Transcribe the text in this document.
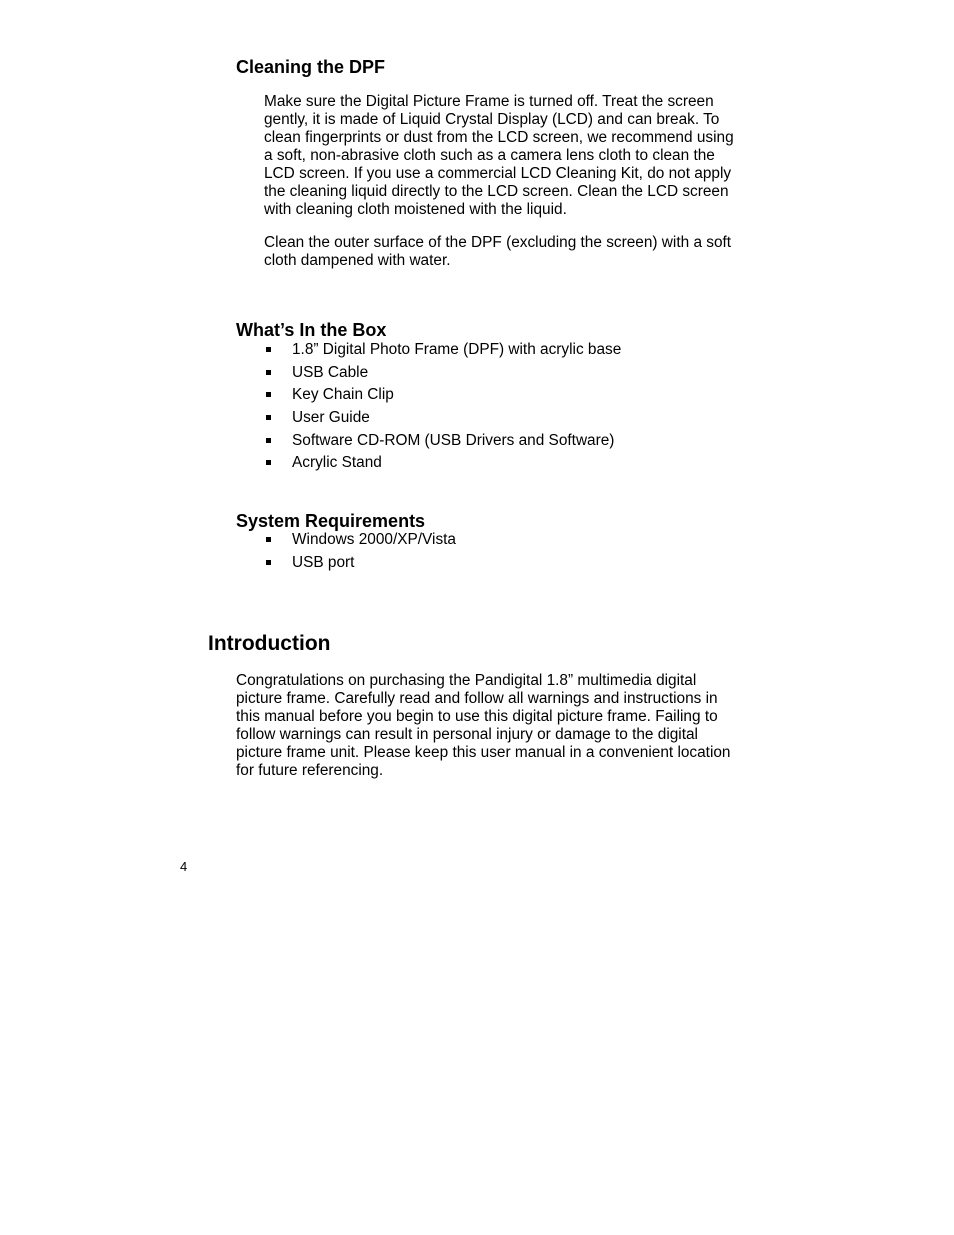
Cleaning the DPF

Make sure the Digital Picture Frame is turned off. Treat the screen
gently, it is made of Liquid Crystal Display (LCD) and can break. To
clean fingerprints or dust from the LCD screen, we recommend using
a soft, non-abrasive cloth such as a camera lens cloth to clean the
LCD screen. If you use a commercial LCD Cleaning Kit, do not apply
the cleaning liquid directly to the LCD screen. Clean the LCD screen
with cleaning cloth moistened with the liquid.

Clean the outer surface of the DPF (excluding the screen) with a soft
cloth dampened with water.

What’s In the Box
1.8” Digital Photo Frame (DPF) with acrylic base
USB Cable
Key Chain Clip
User Guide
Software CD-ROM (USB Drivers and Software)
Acrylic Stand
System Requirements
Windows 2000/XP/Vista
USB port
Introduction

Congratulations on purchasing the Pandigital 1.8” multimedia digital
picture frame. Carefully read and follow all warnings and instructions in
this manual before you begin to use this digital picture frame. Failing to
follow warnings can result in personal injury or damage to the digital
picture frame unit. Please keep this user manual in a convenient location
for future referencing.

4
